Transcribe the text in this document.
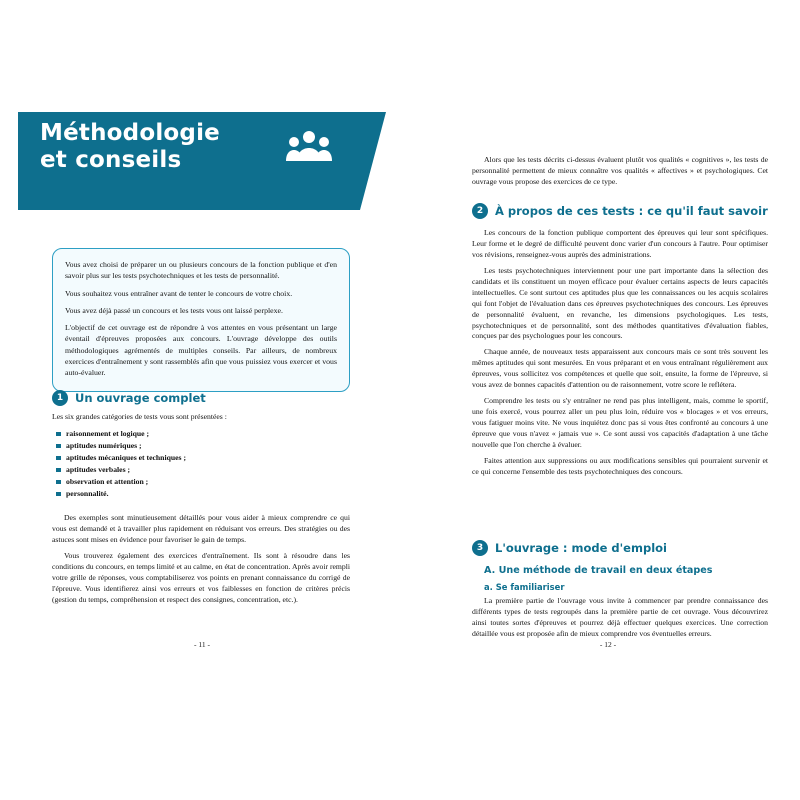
Méthodologie
et conseils

Vous avez choisi de préparer un ou plusieurs concours de la fonction publique et d'en savoir plus sur les tests psychotechniques et les tests de personnalité.

Vous souhaitez vous entraîner avant de tenter le concours de votre choix.

Vous avez déjà passé un concours et les tests vous ont laissé perplexe.

L'objectif de cet ouvrage est de répondre à vos attentes en vous présentant un large éventail d'épreuves proposées aux concours. L'ouvrage développe des outils méthodologiques agrémentés de multiples conseils. Par ailleurs, de nombreux exercices d'entraînement y sont rassemblés afin que vous puissiez vous exercer et vous auto-évaluer.

1	Un ouvrage complet

Les six grandes catégories de tests vous sont présentées :

raisonnement et logique ;
aptitudes numériques ;
aptitudes mécaniques et techniques ;
aptitudes verbales ;
observation et attention ;
personnalité.

Des exemples sont minutieusement détaillés pour vous aider à mieux comprendre ce qui vous est demandé et à travailler plus rapidement en réduisant vos erreurs. Des stratégies ou des astuces sont mises en évidence pour favoriser le gain de temps.

Vous trouverez également des exercices d'entraînement. Ils sont à résoudre dans les conditions du concours, en temps limité et au calme, en état de concentration. Après avoir rempli votre grille de réponses, vous comptabiliserez vos points en prenant connaissance du corrigé de l'épreuve. Vous identifierez ainsi vos erreurs et vos faiblesses en fonction de critères précis (gestion du temps, compréhension et respect des consignes, concentration, etc.).

- 11 -

Alors que les tests décrits ci-dessus évaluent plutôt vos qualités « cognitives », les tests de personnalité permettent de mieux connaître vos qualités « affectives » et psychologiques. Cet ouvrage vous propose des exercices de ce type.

2	À propos de ces tests : ce qu'il faut savoir

Les concours de la fonction publique comportent des épreuves qui leur sont spécifiques. Leur forme et le degré de difficulté peuvent donc varier d'un concours à l'autre. Pour optimiser vos révisions, renseignez-vous auprès des administrations.

Les tests psychotechniques interviennent pour une part importante dans la sélection des candidats et ils constituent un moyen efficace pour évaluer certains aspects de leurs capacités intellectuelles. Ce sont surtout ces aptitudes plus que les connaissances ou les acquis scolaires qui font l'objet de l'évaluation dans ces épreuves psychotechniques des concours. Les épreuves de personnalité évaluent, en revanche, les dimensions psychologiques. Les tests, psychotechniques et de personnalité, sont des méthodes quantitatives d'évaluation fiables, conçues par des psychologues pour les concours.

Chaque année, de nouveaux tests apparaissent aux concours mais ce sont très souvent les mêmes aptitudes qui sont mesurées. En vous préparant et en vous entraînant régulièrement aux épreuves, vous sollicitez vos compétences et quelle que soit, ensuite, la forme de l'épreuve, si vous avez de bonnes capacités d'attention ou de raisonnement, votre score le reflétera.

Comprendre les tests ou s'y entraîner ne rend pas plus intelligent, mais, comme le sportif, une fois exercé, vous pourrez aller un peu plus loin, réduire vos « blocages » et vos erreurs, vous fatiguer moins vite. Ne vous inquiétez donc pas si vous êtes confronté au concours à une épreuve que vous n'avez « jamais vue ». Ce sont aussi vos capacités d'adaptation à une tâche nouvelle que l'on cherche à évaluer.

Faites attention aux suppressions ou aux modifications sensibles qui pourraient survenir et ce qui concerne l'ensemble des tests psychotechniques des concours.

3	L'ouvrage : mode d'emploi
A. Une méthode de travail en deux étapes
a. Se familiariser

La première partie de l'ouvrage vous invite à commencer par prendre connaissance des différents types de tests regroupés dans la première partie de cet ouvrage. Vous découvrirez ainsi toutes sortes d'épreuves et pourrez déjà effectuer quelques exercices. Une correction détaillée vous est proposée afin de mieux comprendre vos éventuelles erreurs.

- 12 -
